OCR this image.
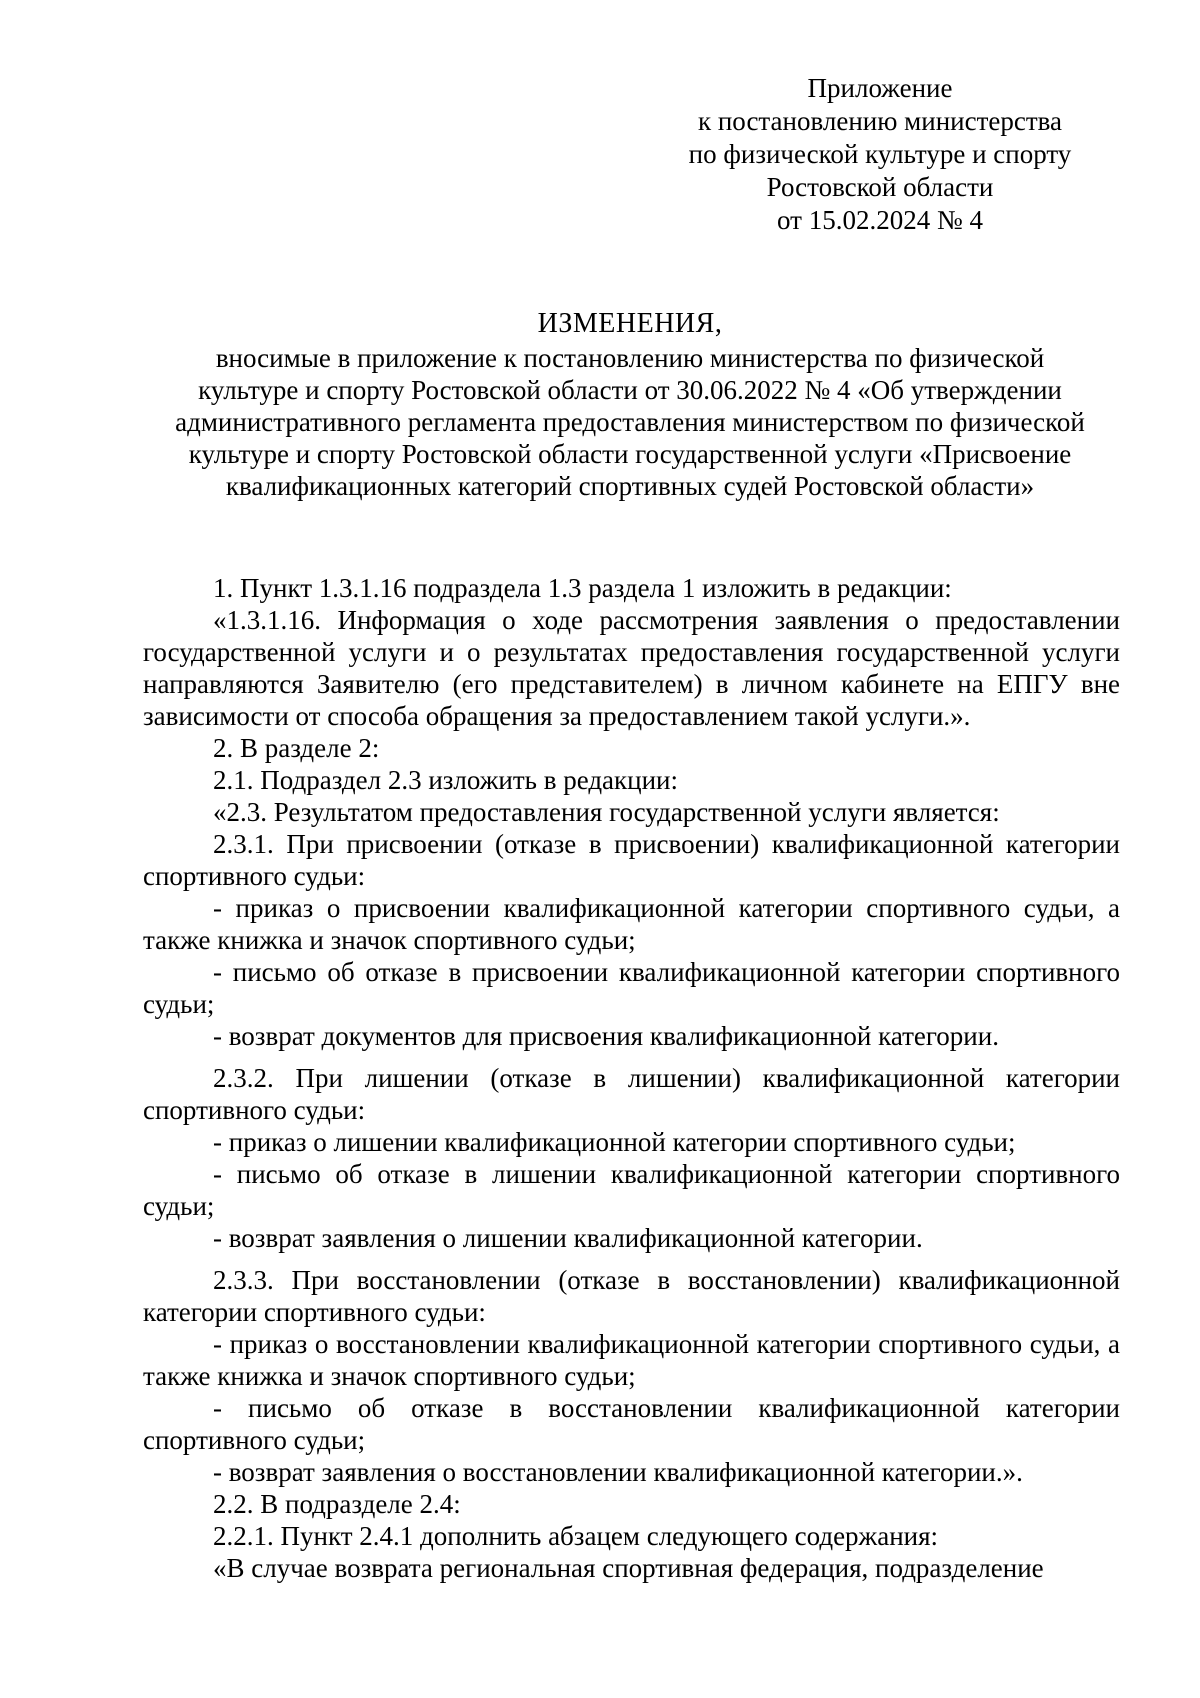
Приложение
к постановлению министерства
по физической культуре и спорту
Ростовской области
от 15.02.2024 № 4
ИЗМЕНЕНИЯ,
вносимые в приложение к постановлению министерства по физической
культуре и спорту Ростовской области от 30.06.2022 № 4 «Об утверждении
административного регламента предоставления министерством по физической
культуре и спорту Ростовской области государственной услуги «Присвоение
квалификационных категорий спортивных судей Ростовской области»

1. Пункт 1.3.1.16 подраздела 1.3 раздела 1 изложить в редакции:

«1.3.1.16. Информация о ходе рассмотрения заявления о предоставлении государственной услуги и о результатах предоставления государственной услуги направляются Заявителю (его представителем) в личном кабинете на ЕПГУ вне зависимости от способа обращения за предоставлением такой услуги.».

2. В разделе 2:

2.1. Подраздел 2.3 изложить в редакции:

«2.3. Результатом предоставления государственной услуги является:

2.3.1. При присвоении (отказе в присвоении) квалификационной категории спортивного судьи:

- приказ о присвоении квалификационной категории спортивного судьи, а также книжка и значок спортивного судьи;

- письмо об отказе в присвоении квалификационной категории спортивного судьи;

- возврат документов для присвоения квалификационной категории.

2.3.2. При лишении (отказе в лишении) квалификационной категории спортивного судьи:

- приказ о лишении квалификационной категории спортивного судьи;

- письмо об отказе в лишении квалификационной категории спортивного судьи;

- возврат заявления о лишении квалификационной категории.

2.3.3. При восстановлении (отказе в восстановлении) квалификационной категории спортивного судьи:

- приказ о восстановлении квалификационной категории спортивного судьи, а также книжка и значок спортивного судьи;

- письмо об отказе в восстановлении квалификационной категории спортивного судьи;

- возврат заявления о восстановлении квалификационной категории.».

2.2. В подразделе 2.4:

2.2.1. Пункт 2.4.1 дополнить абзацем следующего содержания:

«В случае возврата региональная спортивная федерация, подразделение
